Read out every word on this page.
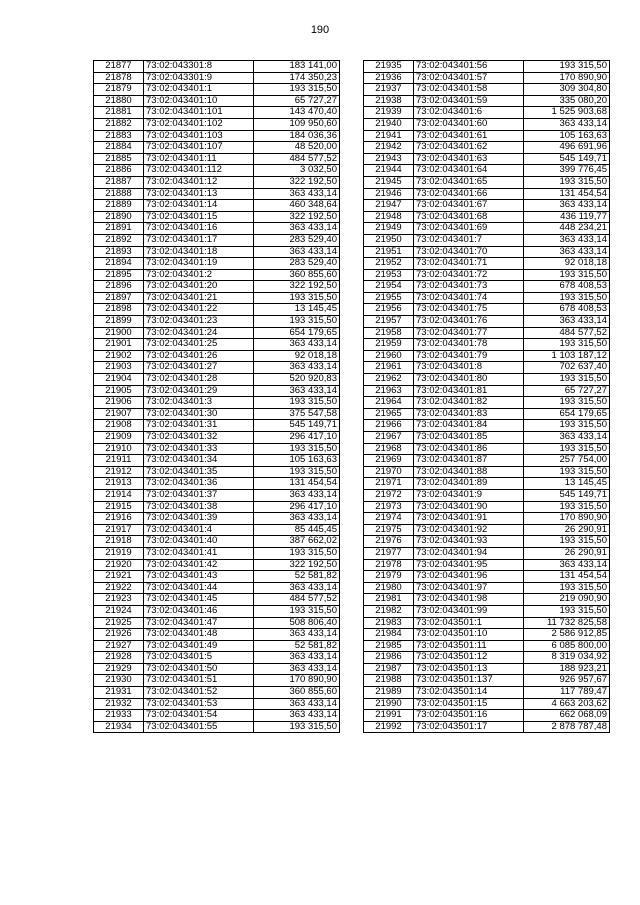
190
21877	73:02:043301:8	183 141,00
21878	73:02:043301:9	174 350,23
21879	73:02:043401:1	193 315,50
21880	73:02:043401:10	65 727,27
21881	73:02:043401:101	143 470,40
21882	73:02:043401:102	109 950,60
21883	73:02:043401:103	184 036,36
21884	73:02:043401:107	48 520,00
21885	73:02:043401:11	484 577,52
21886	73:02:043401:112	3 032,50
21887	73:02:043401:12	322 192,50
21888	73:02:043401:13	363 433,14
21889	73:02:043401:14	460 348,64
21890	73:02:043401:15	322 192,50
21891	73:02:043401:16	363 433,14
21892	73:02:043401:17	283 529,40
21893	73:02:043401:18	363 433,14
21894	73:02:043401:19	283 529,40
21895	73:02:043401:2	360 855,60
21896	73:02:043401:20	322 192,50
21897	73:02:043401:21	193 315,50
21898	73:02:043401:22	13 145,45
21899	73:02:043401:23	193 315,50
21900	73:02:043401:24	654 179,65
21901	73:02:043401:25	363 433,14
21902	73:02:043401:26	92 018,18
21903	73:02:043401:27	363 433,14
21904	73:02:043401:28	520 920,83
21905	73:02:043401:29	363 433,14
21906	73:02:043401:3	193 315,50
21907	73:02:043401:30	375 547,58
21908	73:02:043401:31	545 149,71
21909	73:02:043401:32	296 417,10
21910	73:02:043401:33	193 315,50
21911	73:02:043401:34	105 163,63
21912	73:02:043401:35	193 315,50
21913	73:02:043401:36	131 454,54
21914	73:02:043401:37	363 433,14
21915	73:02:043401:38	296 417,10
21916	73:02:043401:39	363 433,14
21917	73:02:043401:4	85 445,45
21918	73:02:043401:40	387 662,02
21919	73:02:043401:41	193 315,50
21920	73:02:043401:42	322 192,50
21921	73:02:043401:43	52 581,82
21922	73:02:043401:44	363 433,14
21923	73:02:043401:45	484 577,52
21924	73:02:043401:46	193 315,50
21925	73:02:043401:47	508 806,40
21926	73:02:043401:48	363 433,14
21927	73:02:043401:49	52 581,82
21928	73:02:043401:5	363 433,14
21929	73:02:043401:50	363 433,14
21930	73:02:043401:51	170 890,90
21931	73:02:043401:52	360 855,60
21932	73:02:043401:53	363 433,14
21933	73:02:043401:54	363 433,14
21934	73:02:043401:55	193 315,50
21935	73:02:043401:56	193 315,50
21936	73:02:043401:57	170 890,90
21937	73:02:043401:58	309 304,80
21938	73:02:043401:59	335 080,20
21939	73:02:043401:6	1 525 903,68
21940	73:02:043401:60	363 433,14
21941	73:02:043401:61	105 163,63
21942	73:02:043401:62	496 691,96
21943	73:02:043401:63	545 149,71
21944	73:02:043401:64	399 776,45
21945	73:02:043401:65	193 315,50
21946	73:02:043401:66	131 454,54
21947	73:02:043401:67	363 433,14
21948	73:02:043401:68	436 119,77
21949	73:02:043401:69	448 234,21
21950	73:02:043401:7	363 433,14
21951	73:02:043401:70	363 433,14
21952	73:02:043401:71	92 018,18
21953	73:02:043401:72	193 315,50
21954	73:02:043401:73	678 408,53
21955	73:02:043401:74	193 315,50
21956	73:02:043401:75	678 408,53
21957	73:02:043401:76	363 433,14
21958	73:02:043401:77	484 577,52
21959	73:02:043401:78	193 315,50
21960	73:02:043401:79	1 103 187,12
21961	73:02:043401:8	702 637,40
21962	73:02:043401:80	193 315,50
21963	73:02:043401:81	65 727,27
21964	73:02:043401:82	193 315,50
21965	73:02:043401:83	654 179,65
21966	73:02:043401:84	193 315,50
21967	73:02:043401:85	363 433,14
21968	73:02:043401:86	193 315,50
21969	73:02:043401:87	257 754,00
21970	73:02:043401:88	193 315,50
21971	73:02:043401:89	13 145,45
21972	73:02:043401:9	545 149,71
21973	73:02:043401:90	193 315,50
21974	73:02:043401:91	170 890,90
21975	73:02:043401:92	26 290,91
21976	73:02:043401:93	193 315,50
21977	73:02:043401:94	26 290,91
21978	73:02:043401:95	363 433,14
21979	73:02:043401:96	131 454,54
21980	73:02:043401:97	193 315,50
21981	73:02:043401:98	219 090,90
21982	73:02:043401:99	193 315,50
21983	73:02:043501:1	11 732 825,58
21984	73:02:043501:10	2 586 912,85
21985	73:02:043501:11	6 085 800,00
21986	73:02:043501:12	8 319 034,92
21987	73:02:043501:13	188 923,21
21988	73:02:043501:137	926 957,67
21989	73:02:043501:14	117 789,47
21990	73:02:043501:15	4 663 203,62
21991	73:02:043501:16	662 068,09
21992	73:02:043501:17	2 878 787,48
